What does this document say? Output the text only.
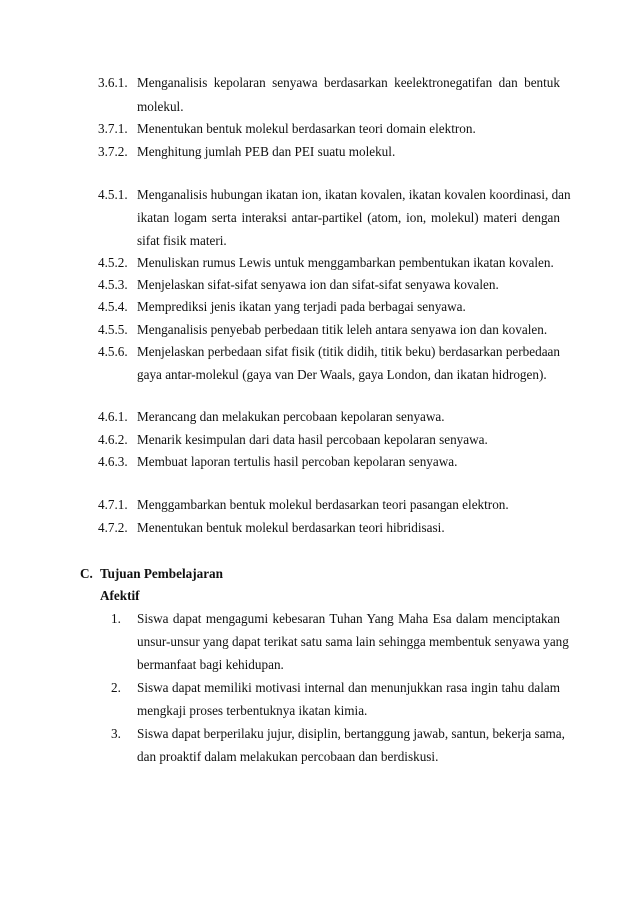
3.6.1. Menganalisis kepolaran senyawa berdasarkan keelektronegatifan dan bentuk
molekul.
3.7.1. Menentukan bentuk molekul berdasarkan teori domain elektron.
3.7.2. Menghitung jumlah PEB dan PEI suatu molekul.
4.5.1. Menganalisis hubungan ikatan ion, ikatan kovalen, ikatan kovalen koordinasi, dan
ikatan logam serta interaksi antar-partikel (atom, ion, molekul) materi dengan
sifat fisik materi.
4.5.2. Menuliskan rumus Lewis untuk menggambarkan pembentukan ikatan kovalen.
4.5.3. Menjelaskan sifat-sifat senyawa ion dan sifat-sifat senyawa kovalen.
4.5.4. Memprediksi jenis ikatan yang terjadi pada berbagai senyawa.
4.5.5. Menganalisis penyebab perbedaan titik leleh antara senyawa ion dan kovalen.
4.5.6. Menjelaskan perbedaan sifat fisik (titik didih, titik beku) berdasarkan perbedaan
gaya antar-molekul (gaya van Der Waals, gaya London, dan ikatan hidrogen).
4.6.1. Merancang dan melakukan percobaan kepolaran senyawa.
4.6.2. Menarik kesimpulan dari data hasil percobaan kepolaran senyawa.
4.6.3. Membuat laporan tertulis hasil percoban kepolaran senyawa.
4.7.1. Menggambarkan bentuk molekul berdasarkan teori pasangan elektron.
4.7.2. Menentukan bentuk molekul berdasarkan teori hibridisasi.
C. Tujuan Pembelajaran
Afektif
1. Siswa dapat mengagumi kebesaran Tuhan Yang Maha Esa dalam menciptakan
unsur-unsur yang dapat terikat satu sama lain sehingga membentuk senyawa yang
bermanfaat bagi kehidupan.
2. Siswa dapat memiliki motivasi internal dan menunjukkan rasa ingin tahu dalam
mengkaji proses terbentuknya ikatan kimia.
3. Siswa dapat berperilaku jujur, disiplin, bertanggung jawab, santun, bekerja sama,
dan proaktif dalam melakukan percobaan dan berdiskusi.
